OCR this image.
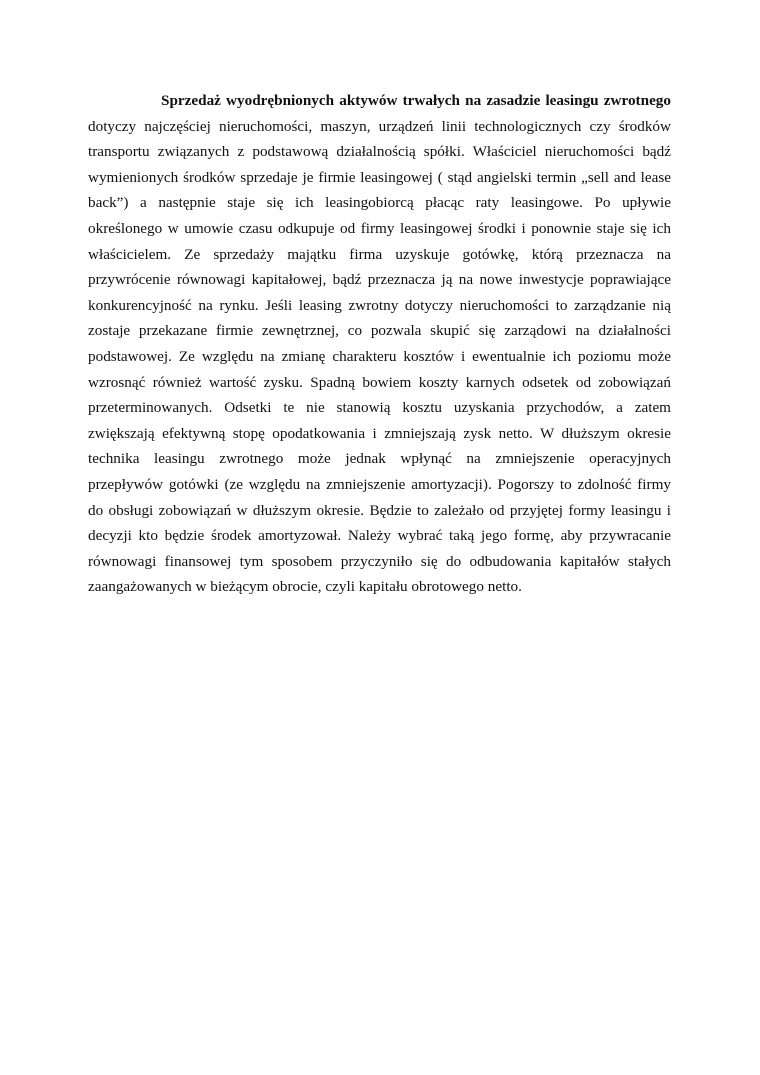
Sprzedaż wyodrębnionych aktywów trwałych na zasadzie leasingu zwrotnego
dotyczy najczęściej nieruchomości, maszyn, urządzeń linii technologicznych czy środków
transportu związanych z podstawową działalnością spółki. Właściciel nieruchomości bądź
wymienionych środków sprzedaje je firmie leasingowej ( stąd angielski termin „sell and lease
back”) a następnie staje się ich leasingobiorcą płacąc raty leasingowe. Po upływie
określonego w umowie czasu odkupuje od firmy leasingowej środki i ponownie staje się ich
właścicielem. Ze sprzedaży majątku firma uzyskuje gotówkę, którą przeznacza na
przywrócenie równowagi kapitałowej, bądź przeznacza ją na nowe inwestycje poprawiające
konkurencyjność na rynku. Jeśli leasing zwrotny dotyczy nieruchomości to zarządzanie nią
zostaje przekazane firmie zewnętrznej, co pozwala skupić się zarządowi na działalności
podstawowej. Ze względu na zmianę charakteru kosztów i ewentualnie ich poziomu może
wzrosnąć również wartość zysku. Spadną bowiem koszty karnych odsetek od zobowiązań
przeterminowanych. Odsetki te nie stanowią kosztu uzyskania przychodów, a zatem
zwiększają efektywną stopę opodatkowania i zmniejszają zysk netto. W dłuższym okresie
technika leasingu zwrotnego może jednak wpłynąć na zmniejszenie operacyjnych
przepływów gotówki (ze względu na zmniejszenie amortyzacji). Pogorszy to zdolność firmy
do obsługi zobowiązań w dłuższym okresie. Będzie to zależało od przyjętej formy leasingu i
decyzji kto będzie środek amortyzował. Należy wybrać taką jego formę, aby przywracanie
równowagi finansowej tym sposobem przyczyniło się do odbudowania kapitałów stałych
zaangażowanych w bieżącym obrocie, czyli kapitału obrotowego netto.
